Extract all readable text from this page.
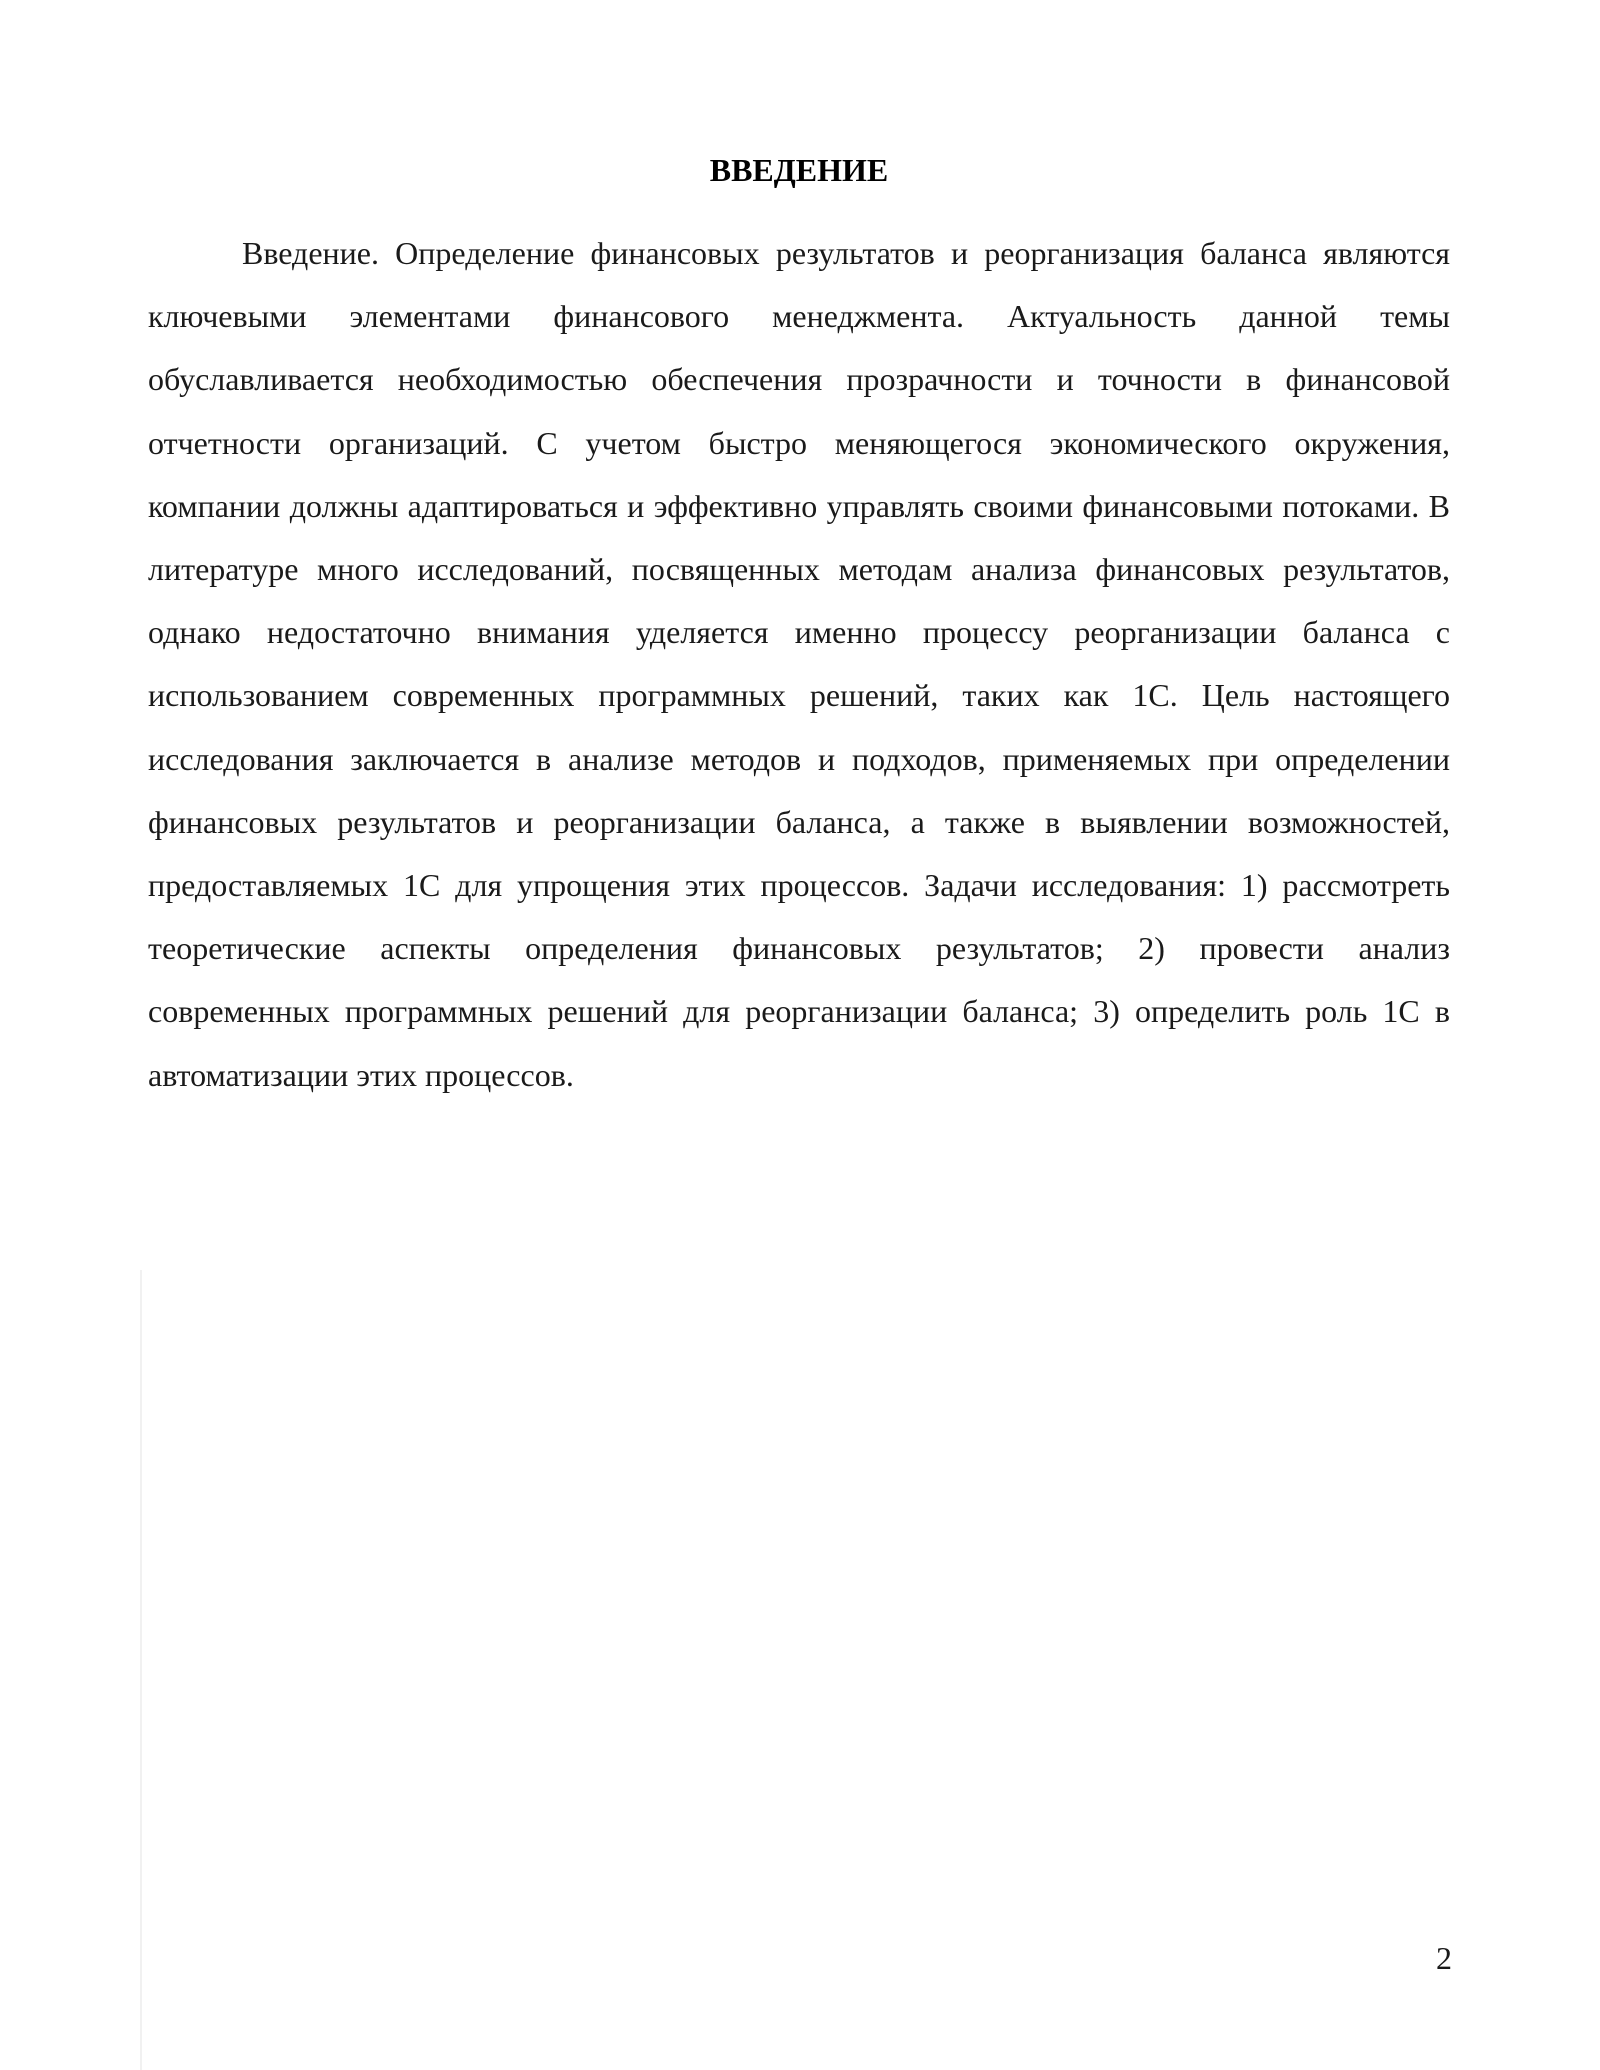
ВВЕДЕНИЕ

Введение. Определение финансовых результатов и реорганизация баланса являются ключевыми элементами финансового менеджмента. Актуальность данной темы обуславливается необходимостью обеспечения прозрачности и точности в финансовой отчетности организаций. С учетом быстро меняющегося экономического окружения, компании должны адаптироваться и эффективно управлять своими финансовыми потоками. В литературе много исследований, посвященных методам анализа финансовых результатов, однако недостаточно внимания уделяется именно процессу реорганизации баланса с использованием современных программных решений, таких как 1С. Цель настоящего исследования заключается в анализе методов и подходов, применяемых при определении финансовых результатов и реорганизации баланса, а также в выявлении возможностей, предоставляемых 1С для упрощения этих процессов. Задачи исследования: 1) рассмотреть теоретические аспекты определения финансовых результатов; 2) провести анализ современных программных решений для реорганизации баланса; 3) определить роль 1С в автоматизации этих процессов.

2
